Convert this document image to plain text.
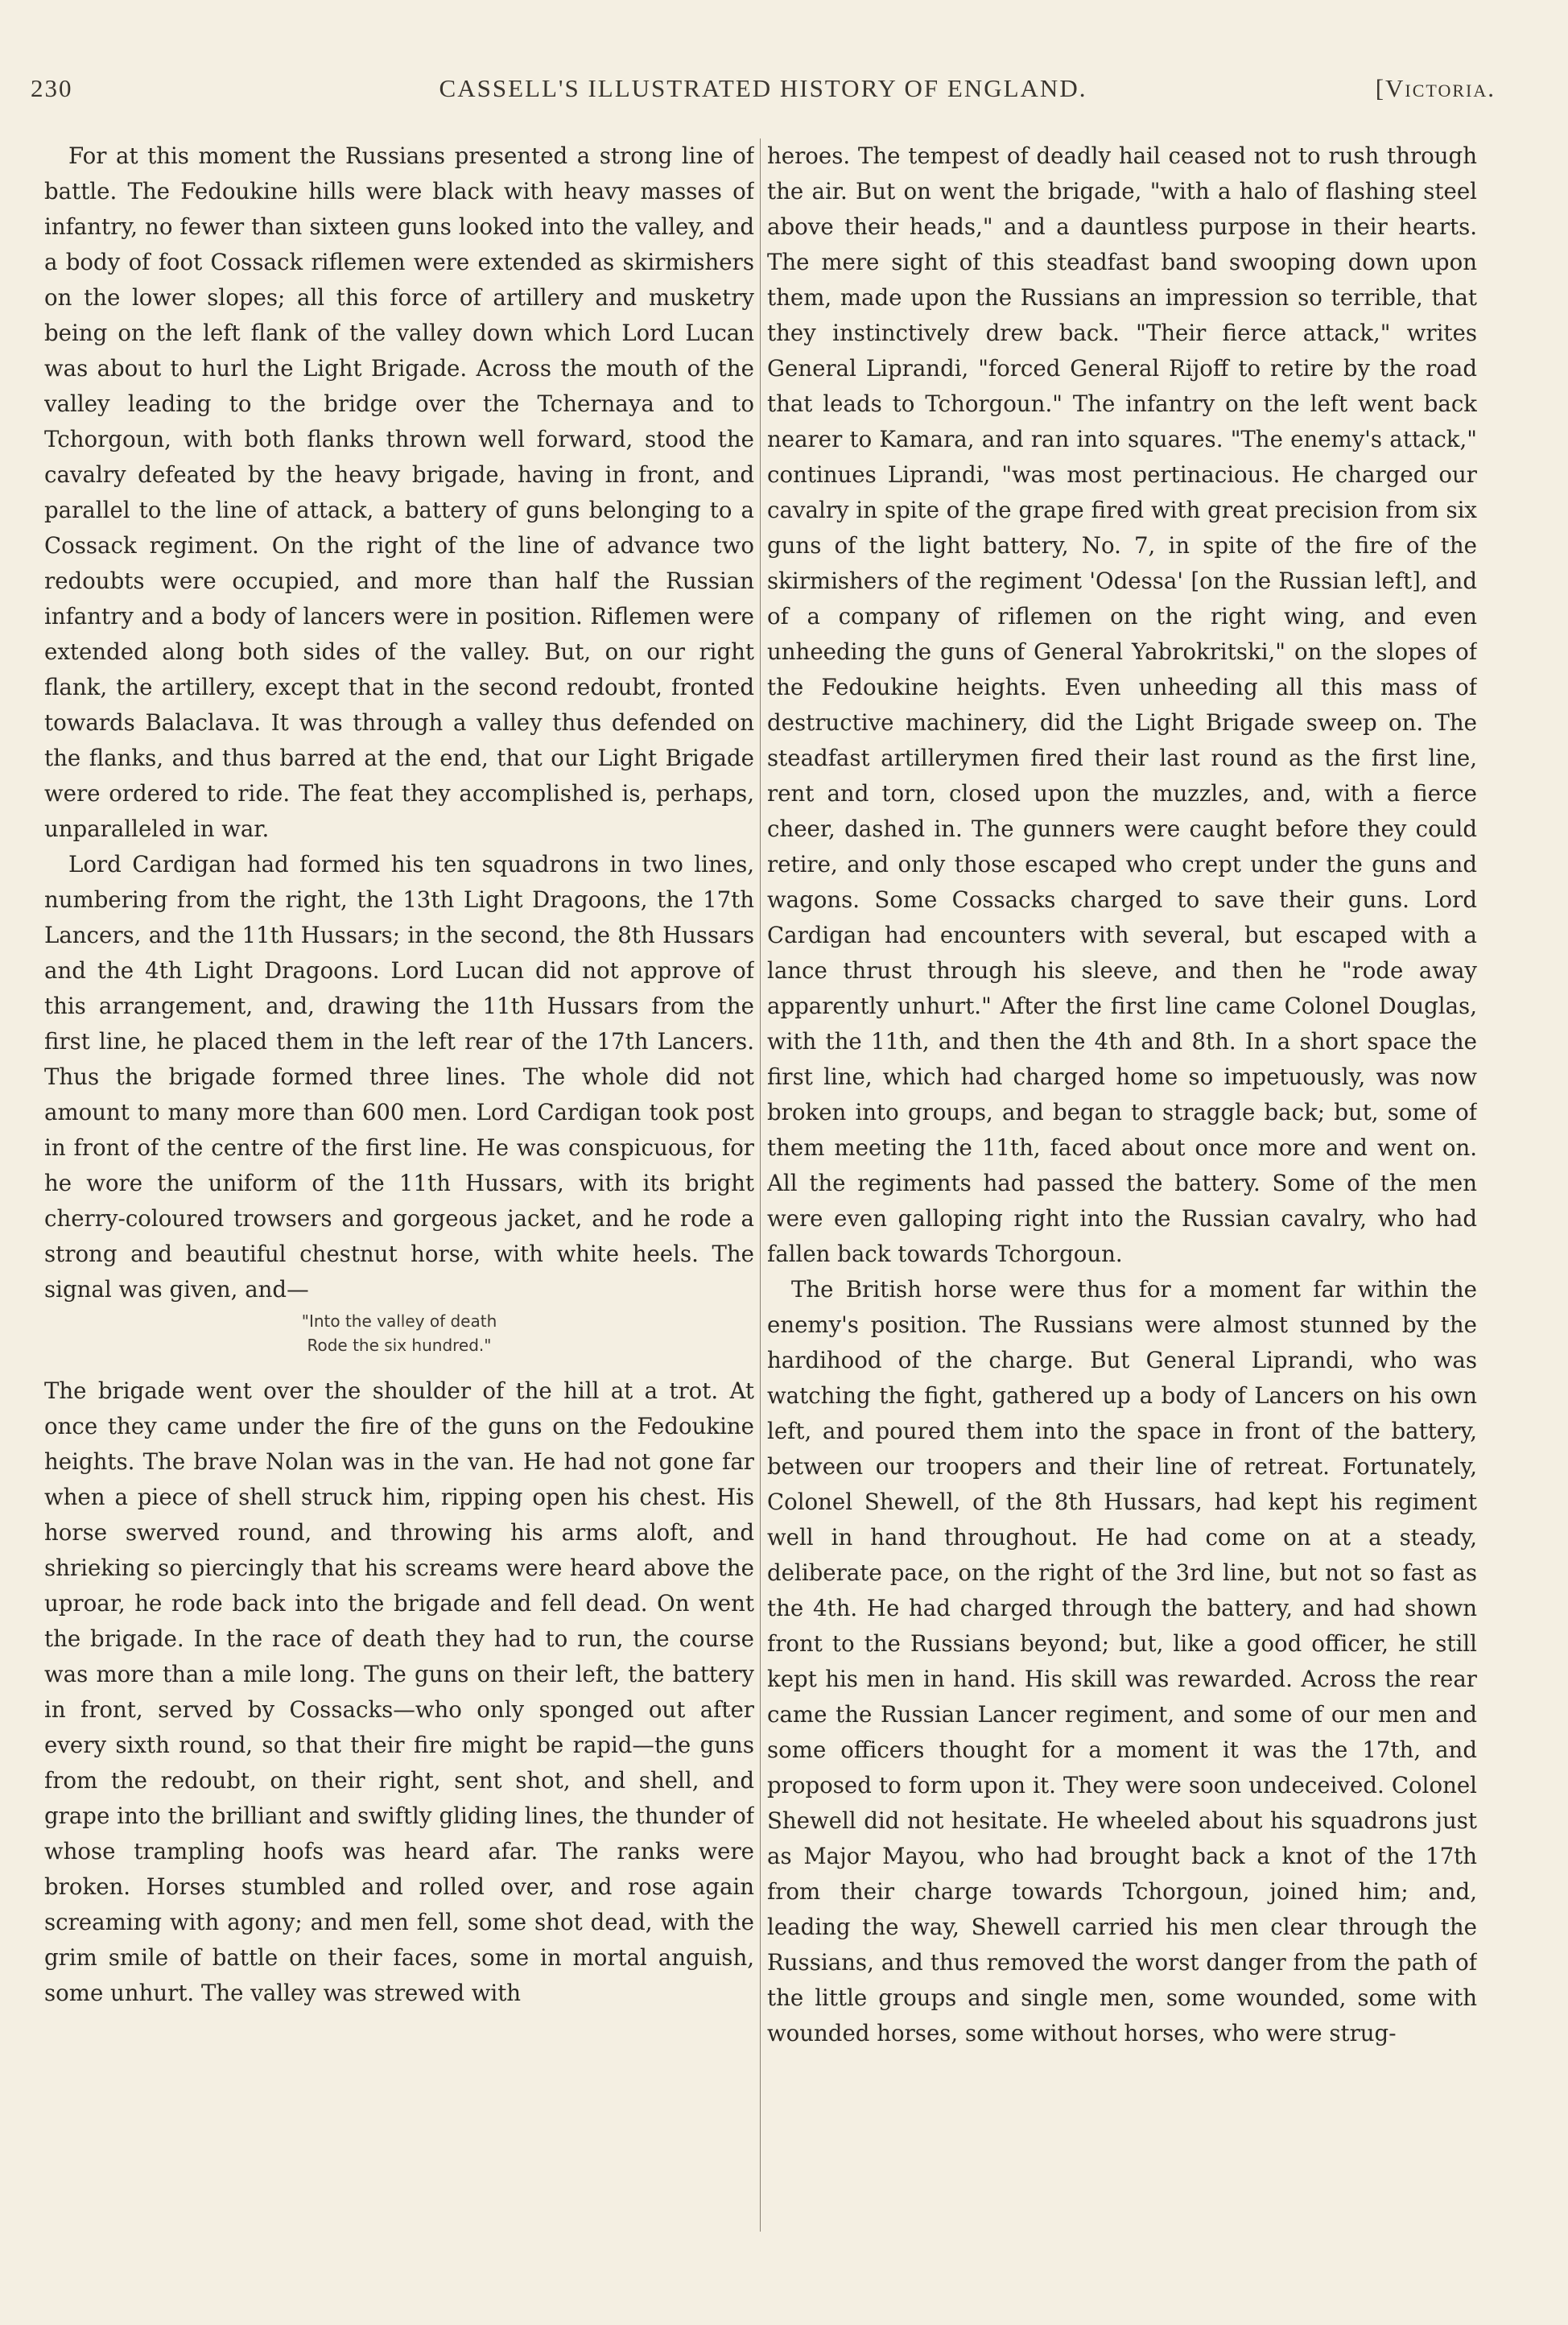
230	CASSELL'S ILLUSTRATED HISTORY OF ENGLAND.	[Victoria.

For at this moment the Russians presented a strong line of battle. The Fedoukine hills were black with heavy masses of infantry, no fewer than sixteen guns looked into the valley, and a body of foot Cossack riflemen were extended as skirmishers on the lower slopes; all this force of artillery and musketry being on the left flank of the valley down which Lord Lucan was about to hurl the Light Brigade. Across the mouth of the valley leading to the bridge over the Tchernaya and to Tchorgoun, with both flanks thrown well forward, stood the cavalry defeated by the heavy brigade, having in front, and parallel to the line of attack, a battery of guns belonging to a Cossack regiment. On the right of the line of advance two redoubts were occupied, and more than half the Russian infantry and a body of lancers were in position. Riflemen were extended along both sides of the valley. But, on our right flank, the artillery, except that in the second redoubt, fronted towards Balaclava. It was through a valley thus defended on the flanks, and thus barred at the end, that our Light Brigade were ordered to ride. The feat they accomplished is, perhaps, unparalleled in war.

Lord Cardigan had formed his ten squadrons in two lines, numbering from the right, the 13th Light Dragoons, the 17th Lancers, and the 11th Hussars; in the second, the 8th Hussars and the 4th Light Dragoons. Lord Lucan did not approve of this arrangement, and, drawing the 11th Hussars from the first line, he placed them in the left rear of the 17th Lancers. Thus the brigade formed three lines. The whole did not amount to many more than 600 men. Lord Cardigan took post in front of the centre of the first line. He was conspicuous, for he wore the uniform of the 11th Hussars, with its bright cherry-coloured trowsers and gorgeous jacket, and he rode a strong and beautiful chestnut horse, with white heels. The signal was given, and—

"Into the valley of death
Rode the six hundred."

The brigade went over the shoulder of the hill at a trot. At once they came under the fire of the guns on the Fedoukine heights. The brave Nolan was in the van. He had not gone far when a piece of shell struck him, ripping open his chest. His horse swerved round, and throwing his arms aloft, and shrieking so piercingly that his screams were heard above the uproar, he rode back into the brigade and fell dead. On went the brigade. In the race of death they had to run, the course was more than a mile long. The guns on their left, the battery in front, served by Cossacks—who only sponged out after every sixth round, so that their fire might be rapid—the guns from the redoubt, on their right, sent shot, and shell, and grape into the brilliant and swiftly gliding lines, the thunder of whose trampling hoofs was heard afar. The ranks were broken. Horses stumbled and rolled over, and rose again screaming with agony; and men fell, some shot dead, with the grim smile of battle on their faces, some in mortal anguish, some unhurt. The valley was strewed with

heroes. The tempest of deadly hail ceased not to rush through the air. But on went the brigade, "with a halo of flashing steel above their heads," and a dauntless purpose in their hearts. The mere sight of this steadfast band swooping down upon them, made upon the Russians an impression so terrible, that they instinctively drew back. "Their fierce attack," writes General Liprandi, "forced General Rijoff to retire by the road that leads to Tchorgoun." The infantry on the left went back nearer to Kamara, and ran into squares. "The enemy's attack," continues Liprandi, "was most pertinacious. He charged our cavalry in spite of the grape fired with great precision from six guns of the light battery, No. 7, in spite of the fire of the skirmishers of the regiment 'Odessa' [on the Russian left], and of a company of riflemen on the right wing, and even unheeding the guns of General Yabrokritski," on the slopes of the Fedoukine heights. Even unheeding all this mass of destructive machinery, did the Light Brigade sweep on. The steadfast artillerymen fired their last round as the first line, rent and torn, closed upon the muzzles, and, with a fierce cheer, dashed in. The gunners were caught before they could retire, and only those escaped who crept under the guns and wagons. Some Cossacks charged to save their guns. Lord Cardigan had encounters with several, but escaped with a lance thrust through his sleeve, and then he "rode away apparently unhurt." After the first line came Colonel Douglas, with the 11th, and then the 4th and 8th. In a short space the first line, which had charged home so impetuously, was now broken into groups, and began to straggle back; but, some of them meeting the 11th, faced about once more and went on. All the regiments had passed the battery. Some of the men were even galloping right into the Russian cavalry, who had fallen back towards Tchorgoun.

The British horse were thus for a moment far within the enemy's position. The Russians were almost stunned by the hardihood of the charge. But General Liprandi, who was watching the fight, gathered up a body of Lancers on his own left, and poured them into the space in front of the battery, between our troopers and their line of retreat. Fortunately, Colonel Shewell, of the 8th Hussars, had kept his regiment well in hand throughout. He had come on at a steady, deliberate pace, on the right of the 3rd line, but not so fast as the 4th. He had charged through the battery, and had shown front to the Russians beyond; but, like a good officer, he still kept his men in hand. His skill was rewarded. Across the rear came the Russian Lancer regiment, and some of our men and some officers thought for a moment it was the 17th, and proposed to form upon it. They were soon undeceived. Colonel Shewell did not hesitate. He wheeled about his squadrons just as Major Mayou, who had brought back a knot of the 17th from their charge towards Tchorgoun, joined him; and, leading the way, Shewell carried his men clear through the Russians, and thus removed the worst danger from the path of the little groups and single men, some wounded, some with wounded horses, some without horses, who were strug-
